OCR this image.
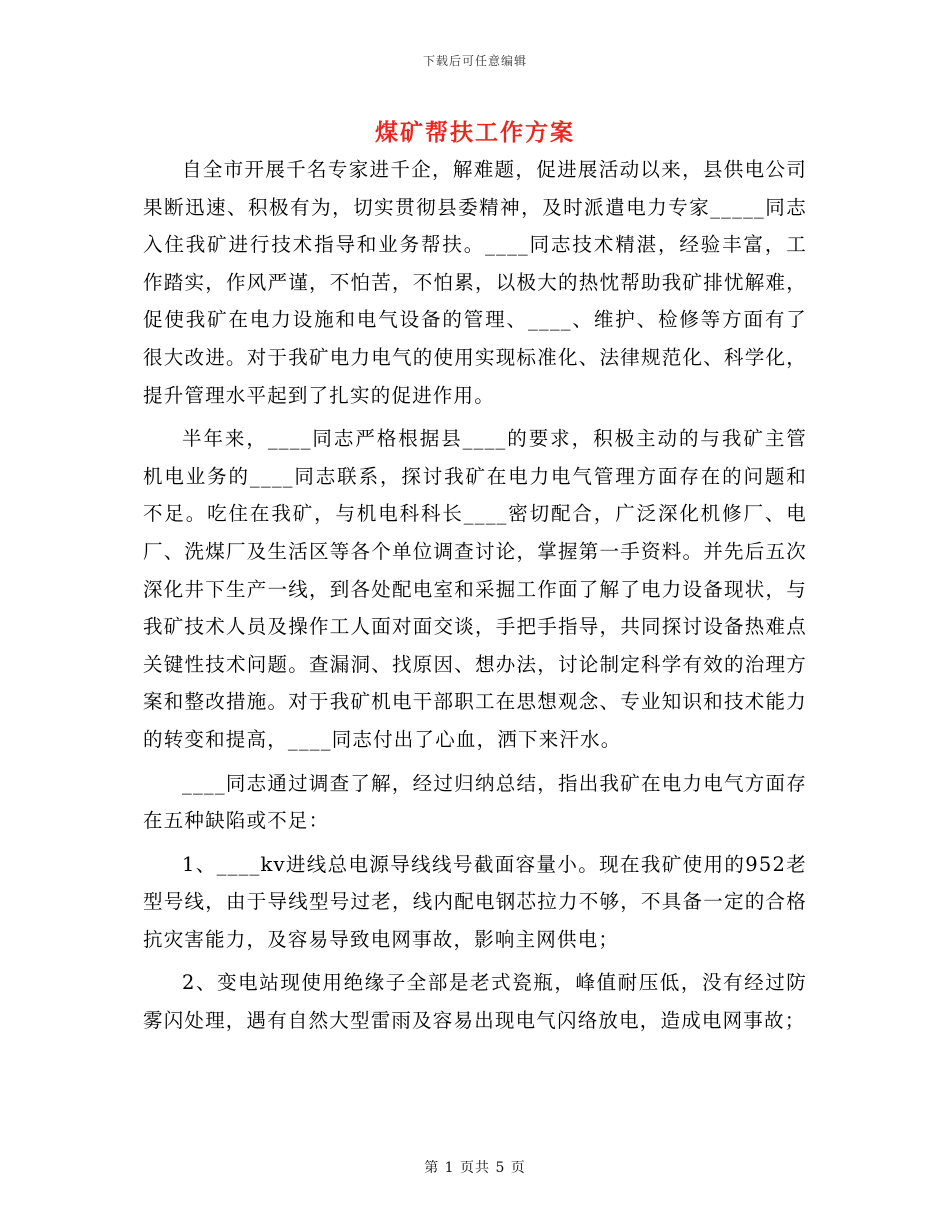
下载后可任意编辑
煤矿帮扶工作方案

自全市开展千名专家进千企，解难题，促进展活动以来，县供电公司果断迅速、积极有为，切实贯彻县委精神，及时派遣电力专家_____同志入住我矿进行技术指导和业务帮扶。____同志技术精湛，经验丰富，工作踏实，作风严谨，不怕苦，不怕累，以极大的热忱帮助我矿排忧解难，促使我矿在电力设施和电气设备的管理、____、维护、检修等方面有了很大改进。对于我矿电力电气的使用实现标准化、法律规范化、科学化，提升管理水平起到了扎实的促进作用。

半年来，____同志严格根据县____的要求，积极主动的与我矿主管机电业务的____同志联系，探讨我矿在电力电气管理方面存在的问题和不足。吃住在我矿，与机电科科长____密切配合，广泛深化机修厂、电厂、洗煤厂及生活区等各个单位调查讨论，掌握第一手资料。并先后五次深化井下生产一线，到各处配电室和采掘工作面了解了电力设备现状，与我矿技术人员及操作工人面对面交谈，手把手指导，共同探讨设备热难点关键性技术问题。查漏洞、找原因、想办法，讨论制定科学有效的治理方案和整改措施。对于我矿机电干部职工在思想观念、专业知识和技术能力的转变和提高，____同志付出了心血，洒下来汗水。

____同志通过调查了解，经过归纳总结，指出我矿在电力电气方面存在五种缺陷或不足：

1、____kv进线总电源导线线号截面容量小。现在我矿使用的952老型号线，由于导线型号过老，线内配电钢芯拉力不够，不具备一定的合格抗灾害能力，及容易导致电网事故，影响主网供电；

2、变电站现使用绝缘子全部是老式瓷瓶，峰值耐压低，没有经过防雾闪处理，遇有自然大型雷雨及容易出现电气闪络放电，造成电网事故；

第 1 页共 5 页
